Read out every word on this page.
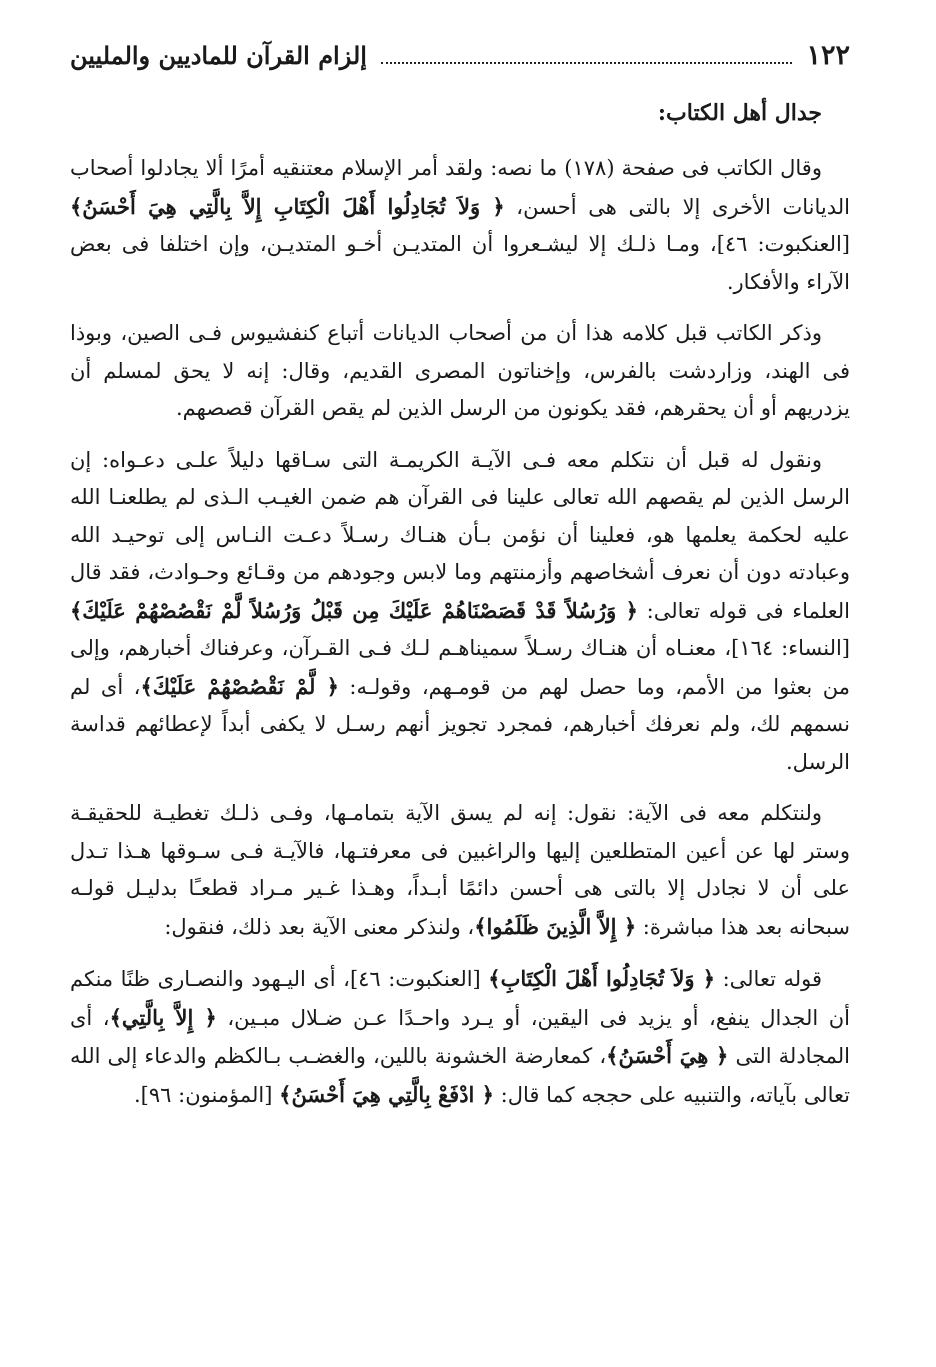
١٢٢
إلزام القرآن للماديين والمليين
جدال أهل الكتاب:

وقال الكاتب فى صفحة (١٧٨) ما نصه: ولقد أمر الإسلام معتنقيه أمرًا ألا يجادلوا أصحاب الديانات الأخرى إلا بالتى هى أحسن، ﴿ وَلاَ تُجَادِلُوا أَهْلَ الْكِتَابِ إِلاَّ بِالَّتِي هِيَ أَحْسَنُ﴾ [العنكبوت: ٤٦]، ومـا ذلـك إلا ليشـعروا أن المتديـن أخـو المتديـن، وإن اختلفا فى بعض الآراء والأفكار.

وذكر الكاتب قبل كلامه هذا أن من أصحاب الديانات أتباع كنفشيوس فـى الصين، وبوذا فى الهند، وزاردشت بالفرس، وإخناتون المصرى القديم، وقال: إنه لا يحق لمسلم أن يزدريهم أو أن يحقرهم، فقد يكونون من الرسل الذين لم يقص القرآن قصصهم.

ونقول له قبل أن نتكلم معه فـى الآيـة الكريمـة التى سـاقها دليلاً علـى دعـواه: إن الرسل الذين لم يقصهم الله تعالى علينا فى القرآن هم ضمن الغيـب الـذى لم يطلعنـا الله عليه لحكمة يعلمها هو، فعلينا أن نؤمن بـأن هنـاك رسـلاً دعـت النـاس إلى توحيـد الله وعبادته دون أن نعرف أشخاصهم وأزمنتهم وما لابس وجودهم من وقـائع وحـوادث، فقد قال العلماء فى قوله تعالى: ﴿ وَرُسُلاً قَدْ قَصَصْنَاهُمْ عَلَيْكَ مِن قَبْلُ وَرُسُلاً لَّمْ نَقْصُصْهُمْ عَلَيْكَ﴾ [النساء: ١٦٤]، معنـاه أن هنـاك رسـلاً سميناهـم لـك فـى القـرآن، وعرفناك أخبارهم، وإلى من بعثوا من الأمم، وما حصل لهم من قومـهم، وقولـه: ﴿ لَّمْ نَقْصُصْهُمْ عَلَيْكَ﴾، أى لم نسمهم لك، ولم نعرفك أخبارهم، فمجرد تجويز أنهم رسـل لا يكفى أبداً لإعطائهم قداسة الرسل.

ولنتكلم معه فى الآية: نقول: إنه لم يسق الآية بتمامـها، وفـى ذلـك تغطيـة للحقيقـة وستر لها عن أعين المتطلعين إليها والراغبين فى معرفتـها، فالآيـة فـى سـوقها هـذا تـدل على أن لا نجادل إلا بالتى هى أحسن دائمًا أبـداً، وهـذا غـير مـراد قطعـًا بدليـل قولـه سبحانه بعد هذا مباشرة: ﴿ إِلاَّ الَّذِينَ ظَلَمُوا﴾، ولنذكر معنى الآية بعد ذلك، فنقول:

قوله تعالى: ﴿ وَلاَ تُجَادِلُوا أَهْلَ الْكِتَابِ﴾ [العنكبوت: ٤٦]، أى اليـهود والنصـارى ظنًا منكم أن الجدال ينفع، أو يزيد فى اليقين، أو يـرد واحـدًا عـن ضـلال مبـين، ﴿ إِلاَّ بِالَّتِي﴾، أى المجادلة التى ﴿ هِيَ أَحْسَنُ﴾، كمعارضة الخشونة باللين، والغضـب بـالكظم والدعاء إلى الله تعالى بآياته، والتنبيه على حججه كما قال: ﴿ ادْفَعْ بِالَّتِي هِيَ أَحْسَنُ﴾ [المؤمنون: ٩٦].
